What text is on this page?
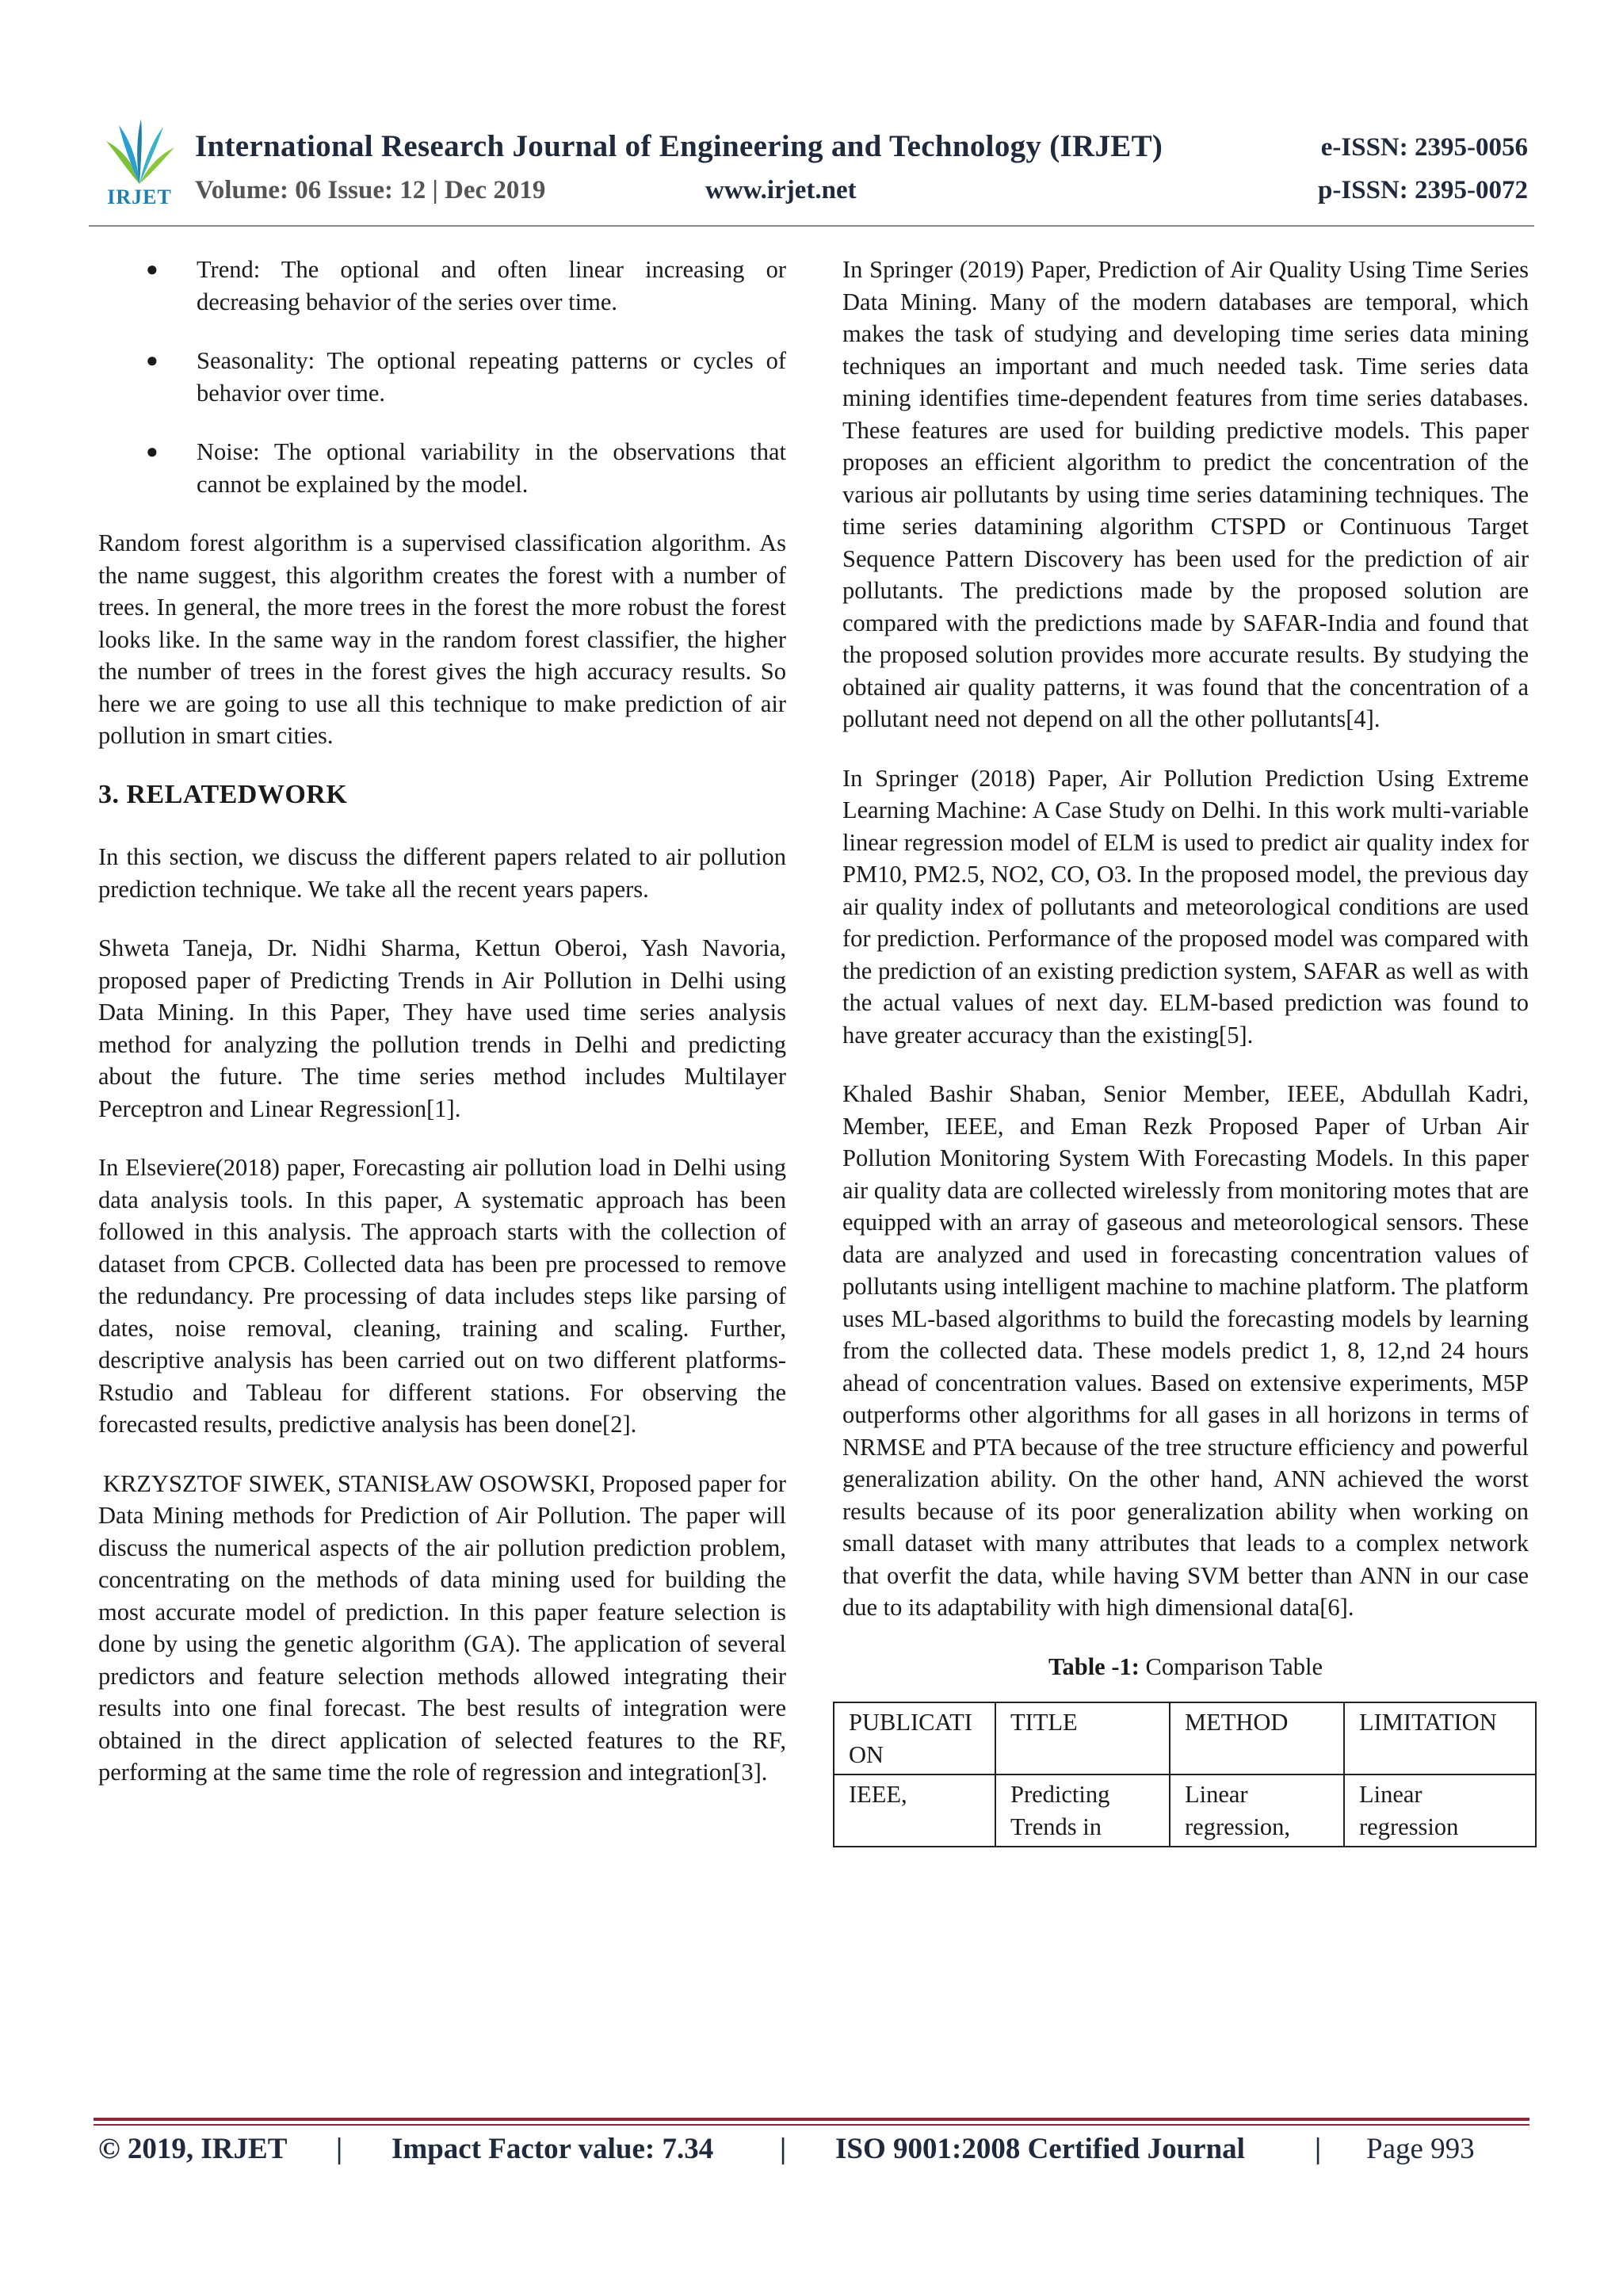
IRJET
International Research Journal of Engineering and Technology (IRJET)	e-ISSN: 2395-0056
Volume: 06 Issue: 12 | Dec 2019	www.irjet.net	p-ISSN: 2395-0072
● Trend: The optional and often linear increasing or decreasing behavior of the series over time.
● Seasonality: The optional repeating patterns or cycles of behavior over time.
● Noise: The optional variability in the observations that cannot be explained by the model.

Random forest algorithm is a supervised classification algorithm. As the name suggest, this algorithm creates the forest with a number of trees. In general, the more trees in the forest the more robust the forest looks like. In the same way in the random forest classifier, the higher the number of trees in the forest gives the high accuracy results. So here we are going to use all this technique to make prediction of air pollution in smart cities.

3. RELATEDWORK

In this section, we discuss the different papers related to air pollution prediction technique. We take all the recent years papers.

Shweta Taneja, Dr. Nidhi Sharma, Kettun Oberoi, Yash Navoria, proposed paper of Predicting Trends in Air Pollution in Delhi using Data Mining. In this Paper, They have used time series analysis method for analyzing the pollution trends in Delhi and predicting about the future. The time series method includes Multilayer Perceptron and Linear Regression[1].

In Elseviere(2018) paper, Forecasting air pollution load in Delhi using data analysis tools. In this paper, A systematic approach has been followed in this analysis. The approach starts with the collection of dataset from CPCB. Collected data has been pre processed to remove the redundancy. Pre processing of data includes steps like parsing of dates, noise removal, cleaning, training and scaling. Further, descriptive analysis has been carried out on two different platforms- Rstudio and Tableau for different stations. For observing the forecasted results, predictive analysis has been done[2].

KRZYSZTOF SIWEK, STANISŁAW OSOWSKI, Proposed paper for Data Mining methods for Prediction of Air Pollution. The paper will discuss the numerical aspects of the air pollution prediction problem, concentrating on the methods of data mining used for building the most accurate model of prediction. In this paper feature selection is done by using the genetic algorithm (GA). The application of several predictors and feature selection methods allowed integrating their results into one final forecast. The best results of integration were obtained in the direct application of selected features to the RF, performing at the same time the role of regression and integration[3].

In Springer (2019) Paper, Prediction of Air Quality Using Time Series Data Mining. Many of the modern databases are temporal, which makes the task of studying and developing time series data mining techniques an important and much needed task. Time series data mining identifies time-dependent features from time series databases. These features are used for building predictive models. This paper proposes an efficient algorithm to predict the concentration of the various air pollutants by using time series datamining techniques. The time series datamining algorithm CTSPD or Continuous Target Sequence Pattern Discovery has been used for the prediction of air pollutants. The predictions made by the proposed solution are compared with the predictions made by SAFAR-India and found that the proposed solution provides more accurate results. By studying the obtained air quality patterns, it was found that the concentration of a pollutant need not depend on all the other pollutants[4].

In Springer (2018) Paper, Air Pollution Prediction Using Extreme Learning Machine: A Case Study on Delhi. In this work multi-variable linear regression model of ELM is used to predict air quality index for PM10, PM2.5, NO2, CO, O3. In the proposed model, the previous day air quality index of pollutants and meteorological conditions are used for prediction. Performance of the proposed model was compared with the prediction of an existing prediction system, SAFAR as well as with the actual values of next day. ELM-based prediction was found to have greater accuracy than the existing[5].

Khaled Bashir Shaban, Senior Member, IEEE, Abdullah Kadri, Member, IEEE, and Eman Rezk Proposed Paper of Urban Air Pollution Monitoring System With Forecasting Models. In this paper air quality data are collected wirelessly from monitoring motes that are equipped with an array of gaseous and meteorological sensors. These data are analyzed and used in forecasting concentration values of pollutants using intelligent machine to machine platform. The platform uses ML-based algorithms to build the forecasting models by learning from the collected data. These models predict 1, 8, 12,nd 24 hours ahead of concentration values. Based on extensive experiments, M5P outperforms other algorithms for all gases in all horizons in terms of NRMSE and PTA because of the tree structure efficiency and powerful generalization ability. On the other hand, ANN achieved the worst results because of its poor generalization ability when working on small dataset with many attributes that leads to a complex network that overfit the data, while having SVM better than ANN in our case due to its adaptability with high dimensional data[6].

Table -1: Comparison Table
PUBLICATI ON	TITLE	METHOD	LIMITATION
IEEE,	Predicting Trends in	Linear regression,	Linear regression
© 2019, IRJET | Impact Factor value: 7.34 | ISO 9001:2008 Certified Journal | Page 993
